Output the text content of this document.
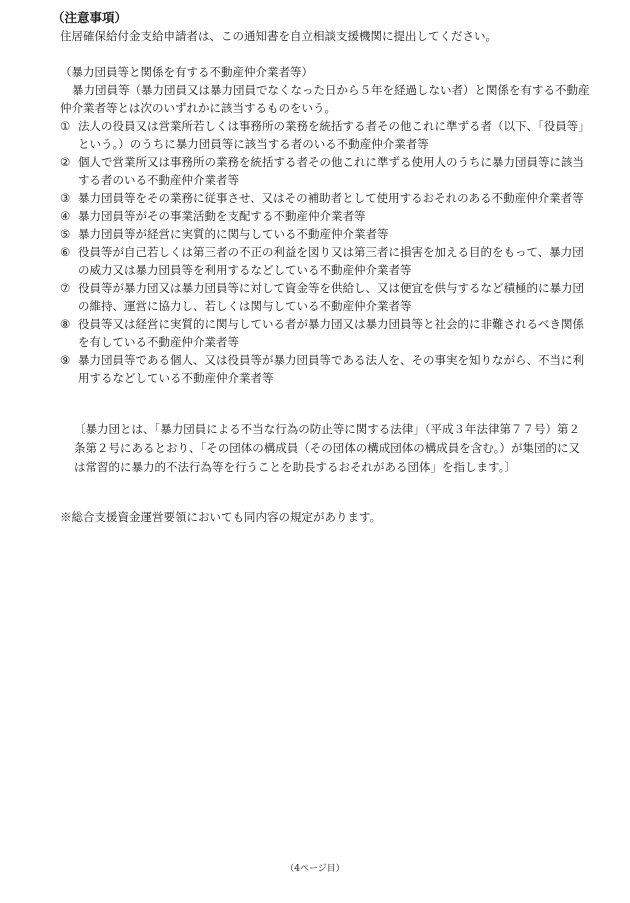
（注意事項）
住居確保給付金支給申請者は、この通知書を自立相談支援機関に提出してください。
（暴力団員等と関係を有する不動産仲介業者等）
暴力団員等（暴力団員又は暴力団員でなくなった日から５年を経過しない者）と関係を有する不動産仲介業者等とは次のいずれかに該当するものをいう。
① 法人の役員又は営業所若しくは事務所の業務を統括する者その他これに準ずる者（以下、「役員等」という。）のうちに暴力団員等に該当する者のいる不動産仲介業者等
② 個人で営業所又は事務所の業務を統括する者その他これに準ずる使用人のうちに暴力団員等に該当する者のいる不動産仲介業者等
③ 暴力団員等をその業務に従事させ、又はその補助者として使用するおそれのある不動産仲介業者等
④ 暴力団員等がその事業活動を支配する不動産仲介業者等
⑤ 暴力団員等が経営に実質的に関与している不動産仲介業者等
⑥ 役員等が自己若しくは第三者の不正の利益を図り又は第三者に損害を加える目的をもって、暴力団の威力又は暴力団員等を利用するなどしている不動産仲介業者等
⑦ 役員等が暴力団又は暴力団員等に対して資金等を供給し、又は便宜を供与するなど積極的に暴力団の維持、運営に協力し、若しくは関与している不動産仲介業者等
⑧ 役員等又は経営に実質的に関与している者が暴力団又は暴力団員等と社会的に非難されるべき関係を有している不動産仲介業者等
⑨ 暴力団員等である個人、又は役員等が暴力団員等である法人を、その事実を知りながら、不当に利用するなどしている不動産仲介業者等
〔暴力団とは、「暴力団員による不当な行為の防止等に関する法律」（平成３年法律第７７号）第２条第２号にあるとおり、「その団体の構成員（その団体の構成団体の構成員を含む。）が集団的に又は常習的に暴力的不法行為等を行うことを助長するおそれがある団体」を指します。〕
※総合支援資金運営要領においても同内容の規定があります。
（4ページ目）
